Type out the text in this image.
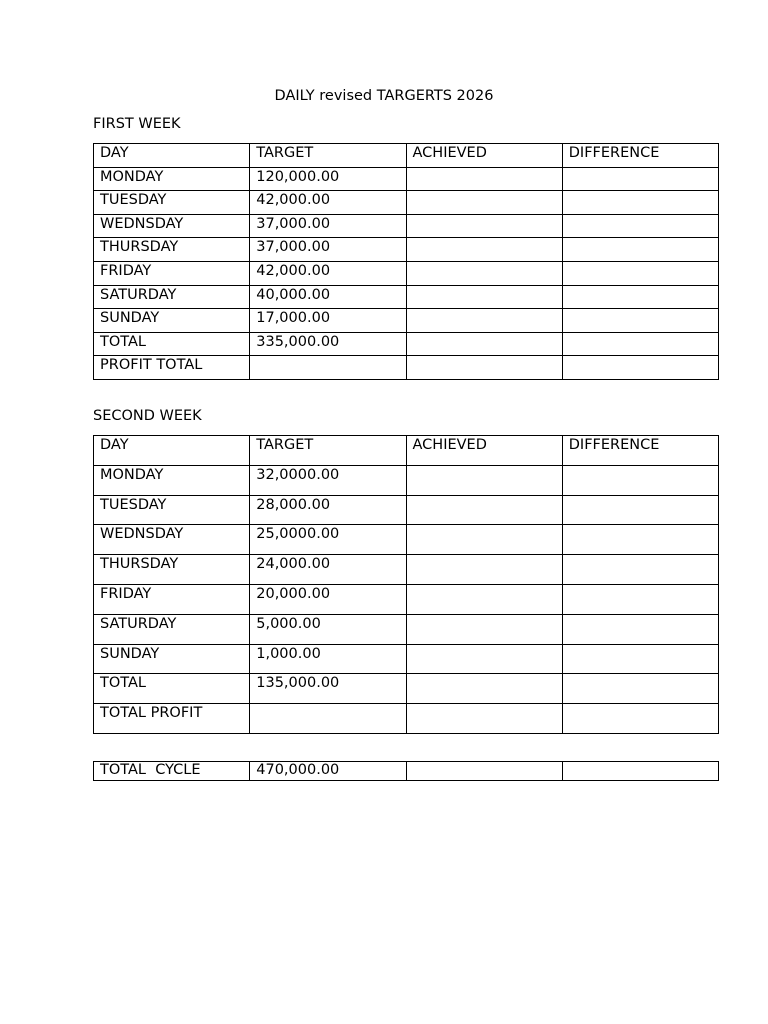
DAILY revised TARGERTS 2026
FIRST WEEK
DAY	TARGET	ACHIEVED	DIFFERENCE
MONDAY	120,000.00		
TUESDAY	42,000.00		
WEDNSDAY	37,000.00		
THURSDAY	37,000.00		
FRIDAY	42,000.00		
SATURDAY	40,000.00		
SUNDAY	17,000.00		
TOTAL	335,000.00		
PROFIT TOTAL			
SECOND WEEK
DAY	TARGET	ACHIEVED	DIFFERENCE
MONDAY	32,0000.00		
TUESDAY	28,000.00		
WEDNSDAY	25,0000.00		
THURSDAY	24,000.00		
FRIDAY	20,000.00		
SATURDAY	5,000.00		
SUNDAY	1,000.00		
TOTAL	135,000.00		
TOTAL PROFIT			
TOTAL  CYCLE	470,000.00		
